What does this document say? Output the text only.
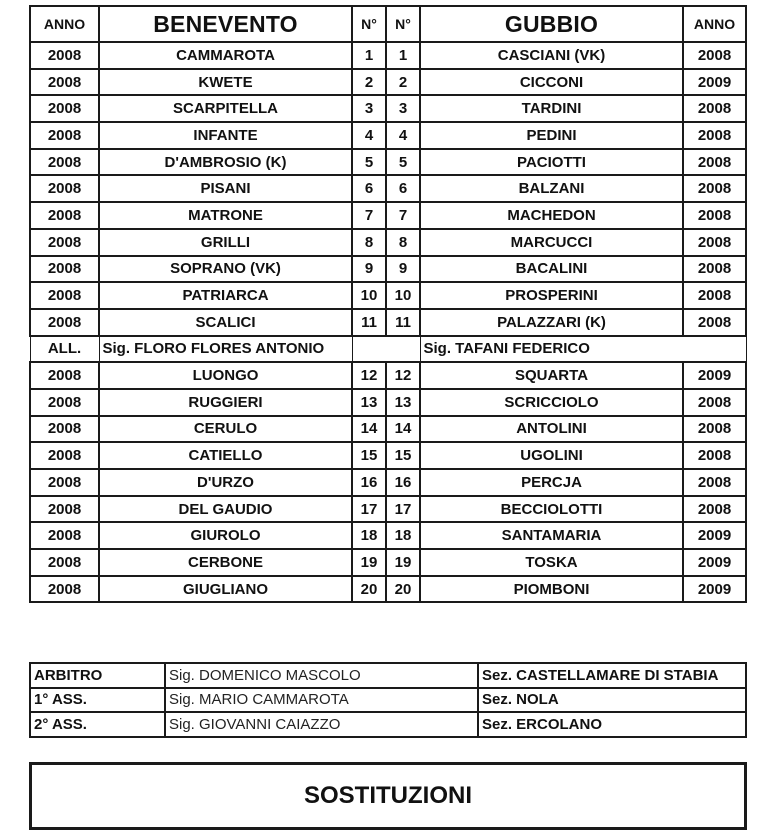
ANNO	BENEVENTO	N°	N°	GUBBIO	ANNO
2008	CAMMAROTA	1	1	CASCIANI (VK)	2008
2008	KWETE	2	2	CICCONI	2009
2008	SCARPITELLA	3	3	TARDINI	2008
2008	INFANTE	4	4	PEDINI	2008
2008	D'AMBROSIO (K)	5	5	PACIOTTI	2008
2008	PISANI	6	6	BALZANI	2008
2008	MATRONE	7	7	MACHEDON	2008
2008	GRILLI	8	8	MARCUCCI	2008
2008	SOPRANO (VK)	9	9	BACALINI	2008
2008	PATRIARCA	10	10	PROSPERINI	2008
2008	SCALICI	11	11	PALAZZARI (K)	2008
ALL.	Sig. FLORO FLORES ANTONIO			Sig. TAFANI FEDERICO	
2008	LUONGO	12	12	SQUARTA	2009
2008	RUGGIERI	13	13	SCRICCIOLO	2008
2008	CERULO	14	14	ANTOLINI	2008
2008	CATIELLO	15	15	UGOLINI	2008
2008	D'URZO	16	16	PERCJA	2008
2008	DEL GAUDIO	17	17	BECCIOLOTTI	2008
2008	GIUROLO	18	18	SANTAMARIA	2009
2008	CERBONE	19	19	TOSKA	2009
2008	GIUGLIANO	20	20	PIOMBONI	2009
ARBITRO	Sig. DOMENICO MASCOLO	Sez. CASTELLAMARE DI STABIA
1° ASS.	Sig. MARIO CAMMAROTA	Sez. NOLA
2° ASS.	Sig. GIOVANNI CAIAZZO	Sez. ERCOLANO
SOSTITUZIONI
